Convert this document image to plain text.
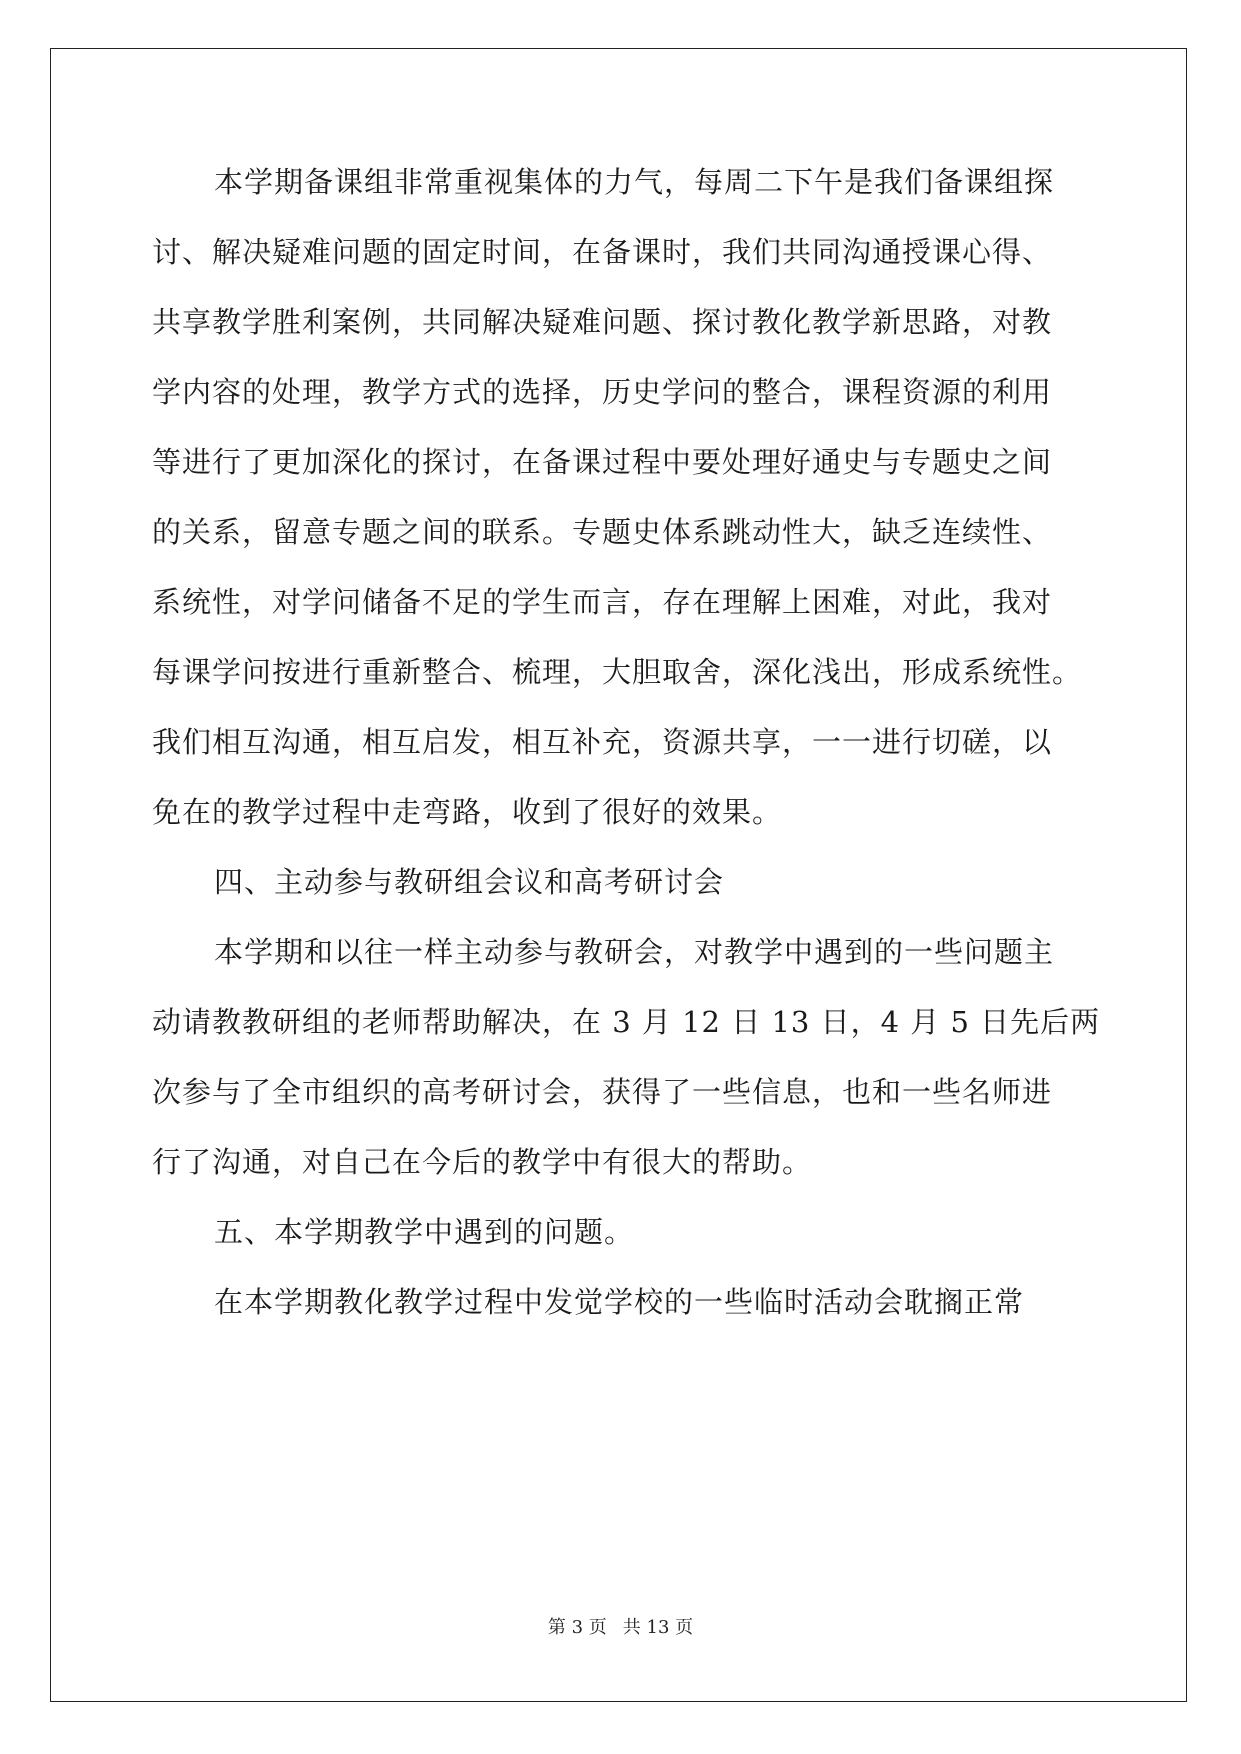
本学期备课组非常重视集体的力气，每周二下午是我们备课组探
讨、解决疑难问题的固定时间，在备课时，我们共同沟通授课心得、
共享教学胜利案例，共同解决疑难问题、探讨教化教学新思路，对教
学内容的处理，教学方式的选择，历史学问的整合，课程资源的利用
等进行了更加深化的探讨，在备课过程中要处理好通史与专题史之间
的关系，留意专题之间的联系。专题史体系跳动性大，缺乏连续性、
系统性，对学问储备不足的学生而言，存在理解上困难，对此，我对
每课学问按进行重新整合、梳理，大胆取舍，深化浅出，形成系统性。
我们相互沟通，相互启发，相互补充，资源共享，一一进行切磋，以
免在的教学过程中走弯路，收到了很好的效果。
四、主动参与教研组会议和高考研讨会
本学期和以往一样主动参与教研会，对教学中遇到的一些问题主
动请教教研组的老师帮助解决，在 3 月 12 日 13 日，4 月 5 日先后两
次参与了全市组织的高考研讨会，获得了一些信息，也和一些名师进
行了沟通，对自己在今后的教学中有很大的帮助。
五、本学期教学中遇到的问题。
在本学期教化教学过程中发觉学校的一些临时活动会耽搁正常
第 3 页 共 13 页
